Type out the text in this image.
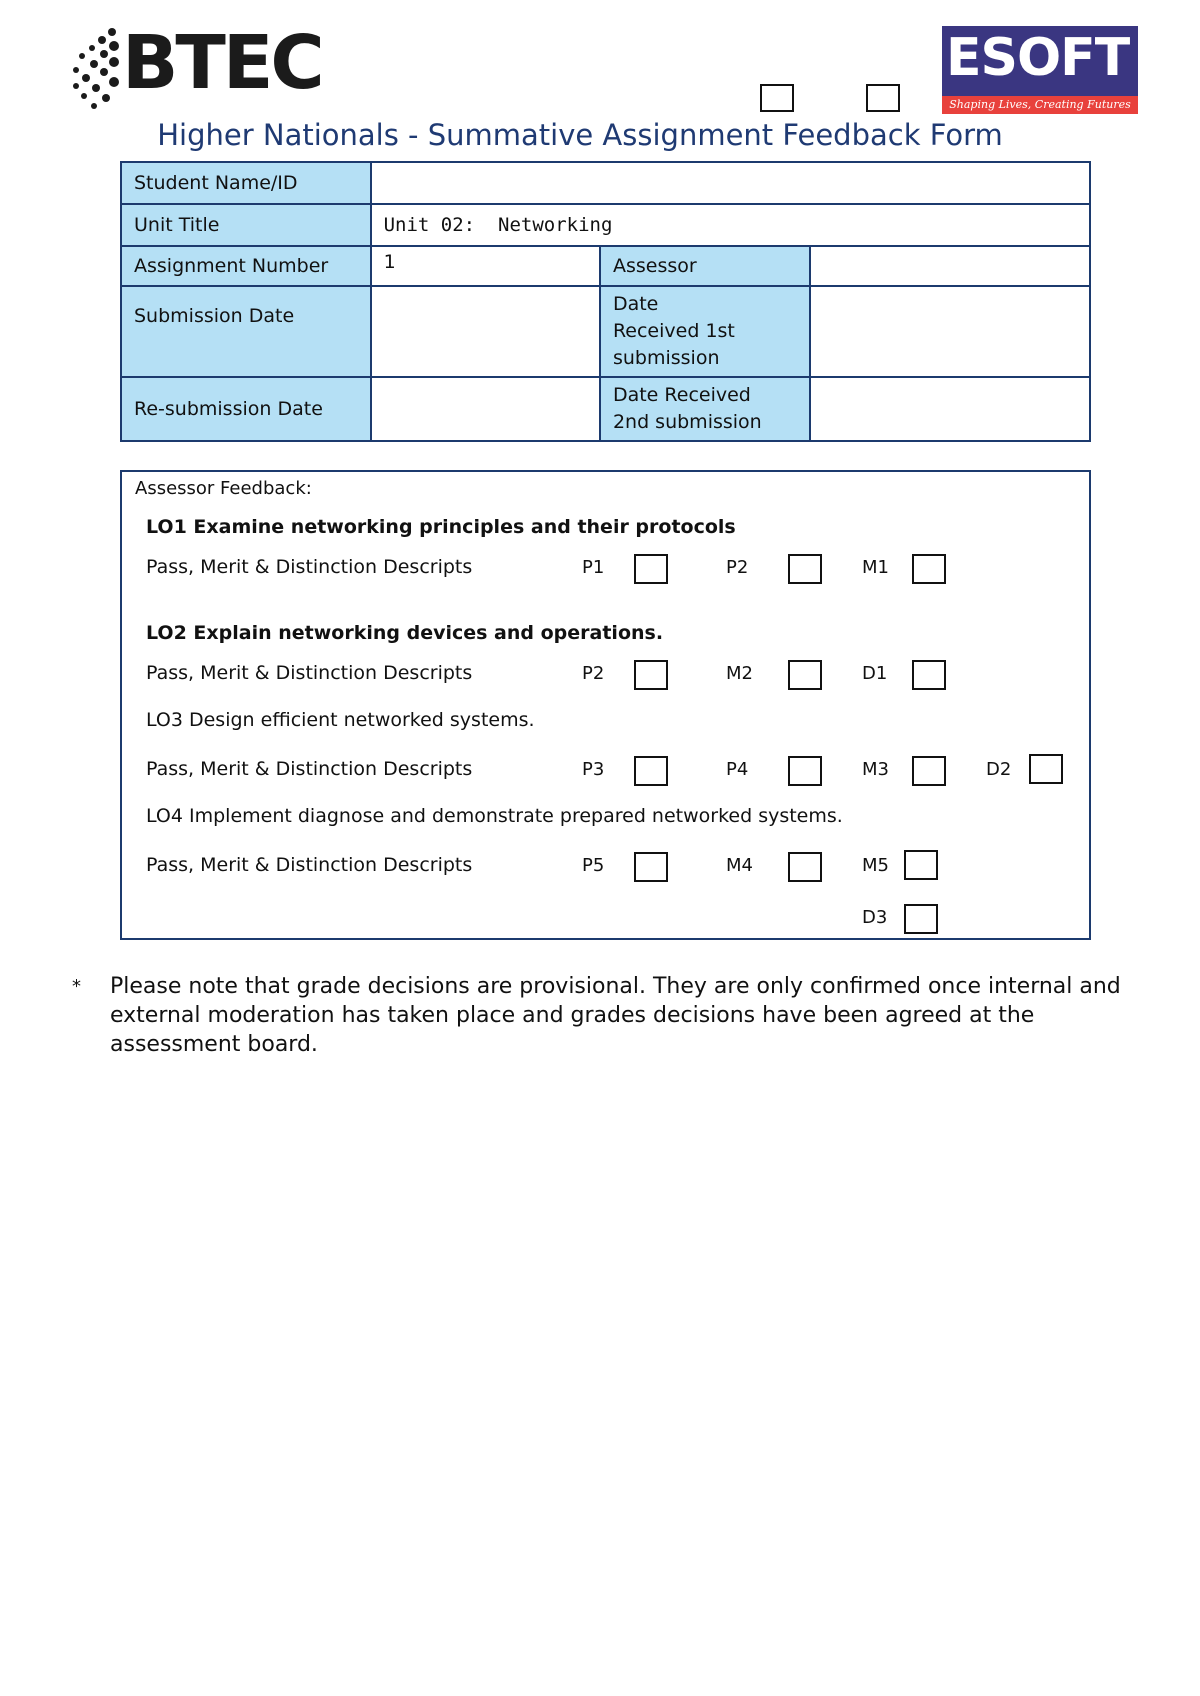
BTEC	ESOFT
Shaping Lives, Creating Futures
Higher Nationals - Summative Assignment Feedback Form
Student Name/ID			
Unit Title	Unit 02:  Networking		
Assignment Number	1	Assessor	
Submission Date		Date Received 1st submission	
Re-submission Date		Date Received 2nd submission	
Assessor Feedback:
LO1 Examine networking principles and their protocols
Pass, Merit & Distinction Descripts	P1	P2	M1
LO2 Explain networking devices and operations.
Pass, Merit & Distinction Descripts	P2	M2	D1
LO3 Design efficient networked systems.
Pass, Merit & Distinction Descripts	P3	P4	M3	D2
LO4 Implement diagnose and demonstrate prepared networked systems.
Pass, Merit & Distinction Descripts	P5	M4	M5
D3
* Please note that grade decisions are provisional. They are only confirmed once internal and external moderation has taken place and grades decisions have been agreed at the assessment board.
